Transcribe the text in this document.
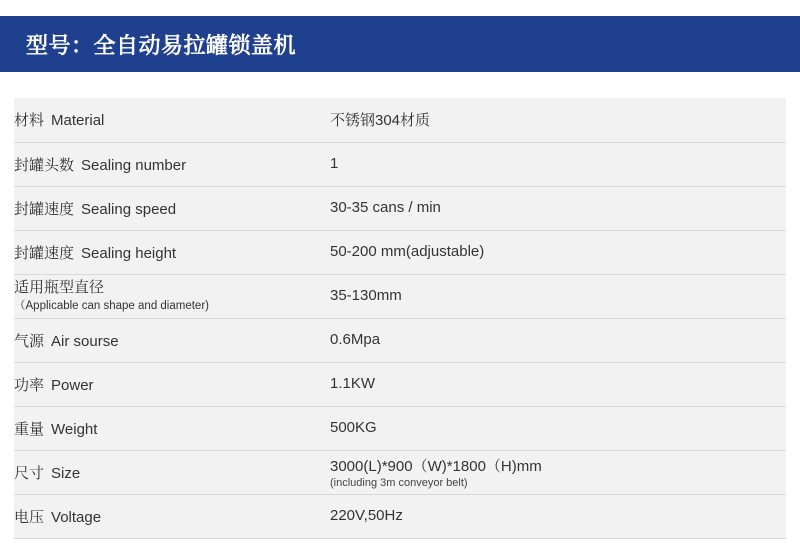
型号：全自动易拉罐锁盖机
材料 Material	不锈钢304材质
封罐头数 Sealing number	1
封罐速度 Sealing speed	30-35 cans / min
封罐速度 Sealing height	50-200 mm(adjustable)
适用瓶型直径
（Applicable can shape and diameter)	35-130mm
气源 Air sourse	0.6Mpa
功率 Power	1.1KW
重量 Weight	500KG
尺寸 Size	3000(L)*900（W)*1800（H)mm
(including 3m conveyor belt)

电压 Voltage	220V,50Hz
